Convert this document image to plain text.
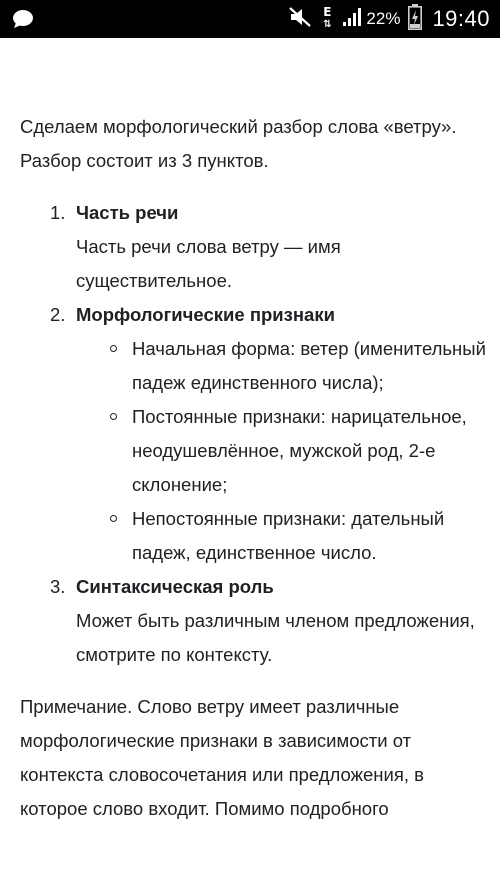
E
⇅ 22% 19:40

Сделаем морфологический разбор слова «ветру». Разбор состоит из 3 пунктов.

1. Часть речи
Часть речи слова ветру — имя существительное.
2. Морфологические признаки
Начальная форма: ветер (именительный падеж единственного числа);
Постоянные признаки: нарицательное, неодушевлённое, мужской род, 2-е склонение;
Непостоянные признаки: дательный падеж, единственное число.
3. Синтаксическая роль
Может быть различным членом предложения, смотрите по контексту.

Примечание. Слово ветру имеет различные морфологические признаки в зависимости от контекста словосочетания или предложения, в которое слово входит. Помимо подробного
